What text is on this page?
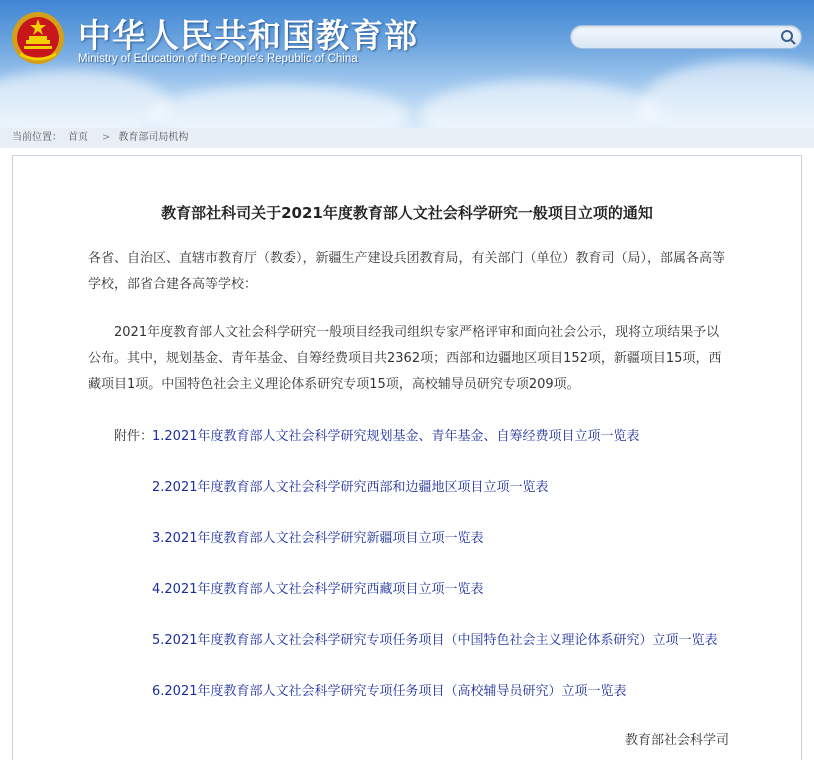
中华人民共和国教育部
Ministry of Education of the People's Republic of China
当前位置： 首页 > 教育部司局机构
教育部社科司关于2021年度教育部人文社会科学研究一般项目立项的通知
各省、自治区、直辖市教育厅（教委），新疆生产建设兵团教育局，有关部门（单位）教育司（局），部属各高等学校，部省合建各高等学校：
2021年度教育部人文社会科学研究一般项目经我司组织专家严格评审和面向社会公示，现将立项结果予以公布。其中，规划基金、青年基金、自筹经费项目共2362项；西部和边疆地区项目152项，新疆项目15项，西藏项目1项。中国特色社会主义理论体系研究专项15项，高校辅导员研究专项209项。
附件：
1.2021年度教育部人文社会科学研究规划基金、青年基金、自筹经费项目立项一览表
2.2021年度教育部人文社会科学研究西部和边疆地区项目立项一览表
3.2021年度教育部人文社会科学研究新疆项目立项一览表
4.2021年度教育部人文社会科学研究西藏项目立项一览表
5.2021年度教育部人文社会科学研究专项任务项目（中国特色社会主义理论体系研究）立项一览表
6.2021年度教育部人文社会科学研究专项任务项目（高校辅导员研究）立项一览表
教育部社会科学司
